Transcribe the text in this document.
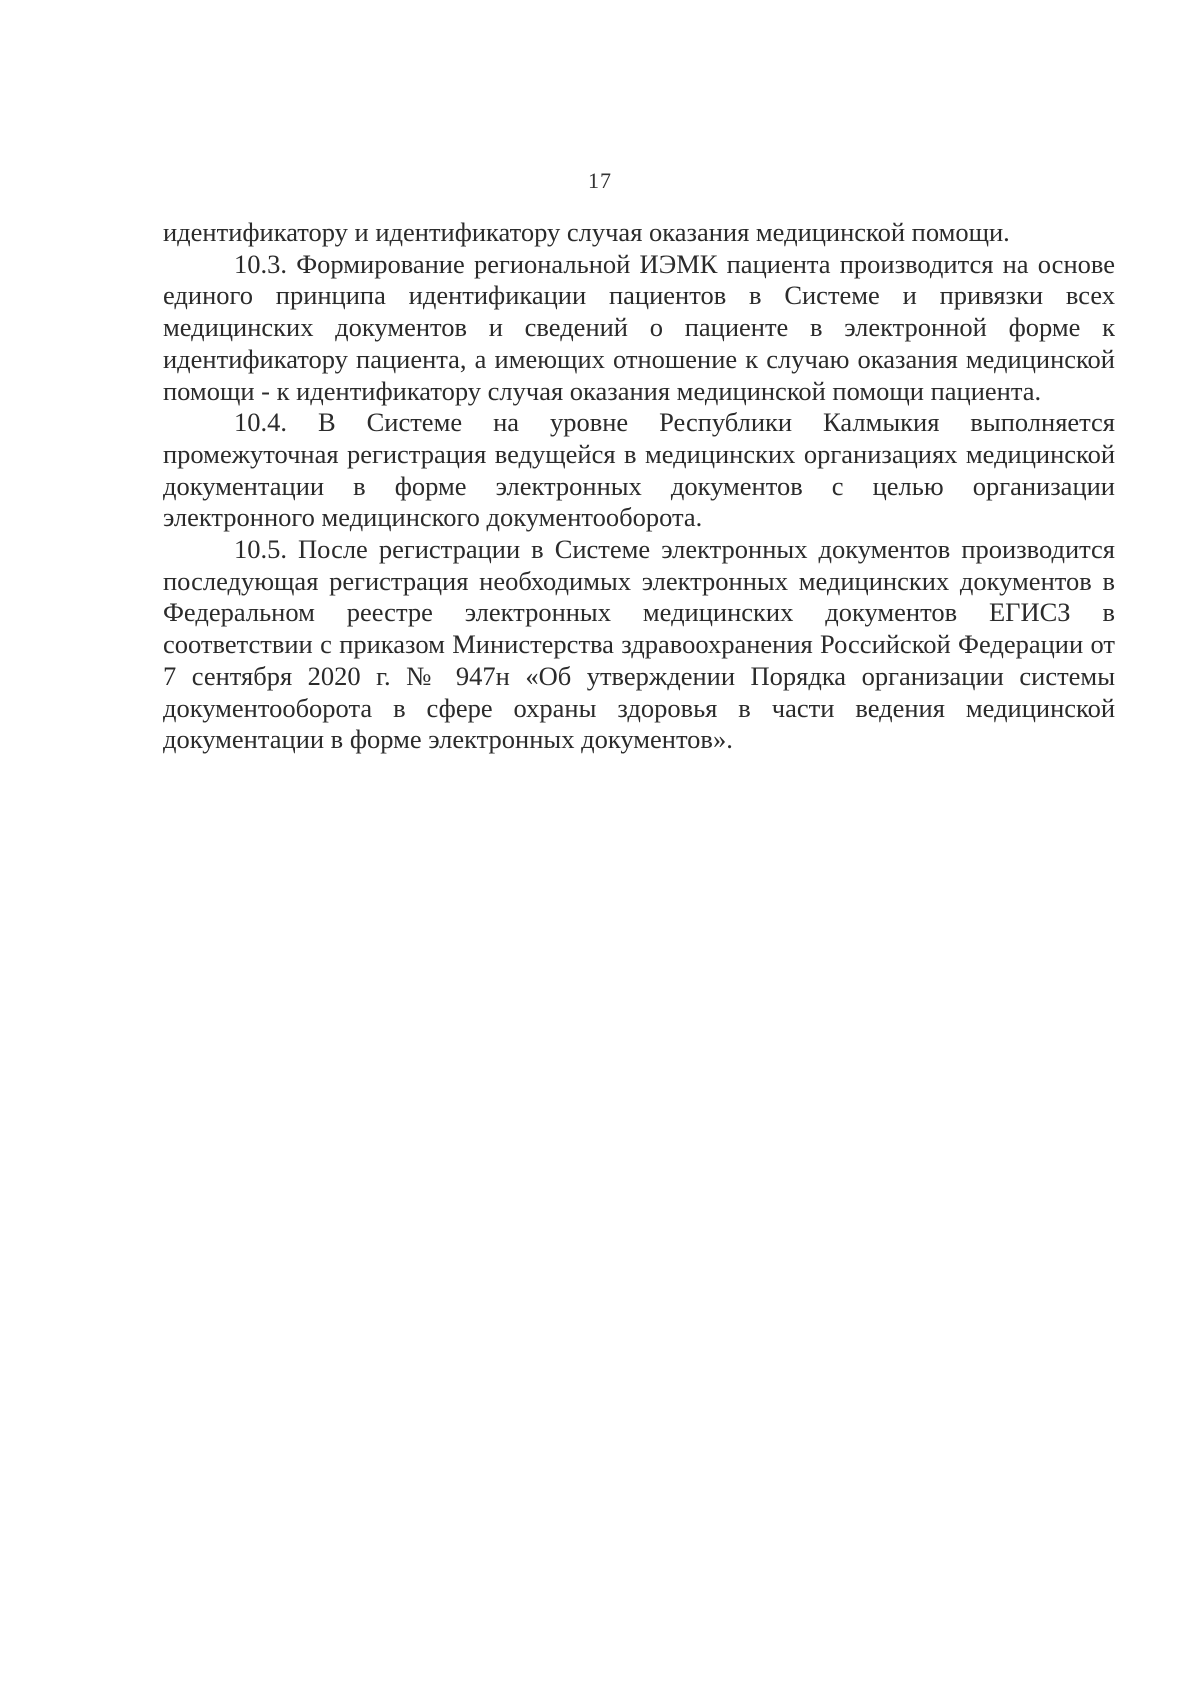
17

идентификатору и идентификатору случая оказания медицинской помощи.

10.3. Формирование региональной ИЭМК пациента производится на основе единого принципа идентификации пациентов в Системе и привязки всех медицинских документов и сведений о пациенте в электронной форме к идентификатору пациента, а имеющих отношение к случаю оказания медицинской помощи - к идентификатору случая оказания медицинской помощи пациента.

10.4. В Системе на уровне Республики Калмыкия выполняется промежуточная регистрация ведущейся в медицинских организациях медицинской документации в форме электронных документов с целью организации электронного медицинского документооборота.

10.5. После регистрации в Системе электронных документов производится последующая регистрация необходимых электронных медицинских документов в Федеральном реестре электронных медицинских документов ЕГИСЗ в соответствии с приказом Министерства здравоохранения Российской Федерации от 7 сентября 2020 г. № 947н «Об утверждении Порядка организации системы документооборота в сфере охраны здоровья в части ведения медицинской документации в форме электронных документов».
